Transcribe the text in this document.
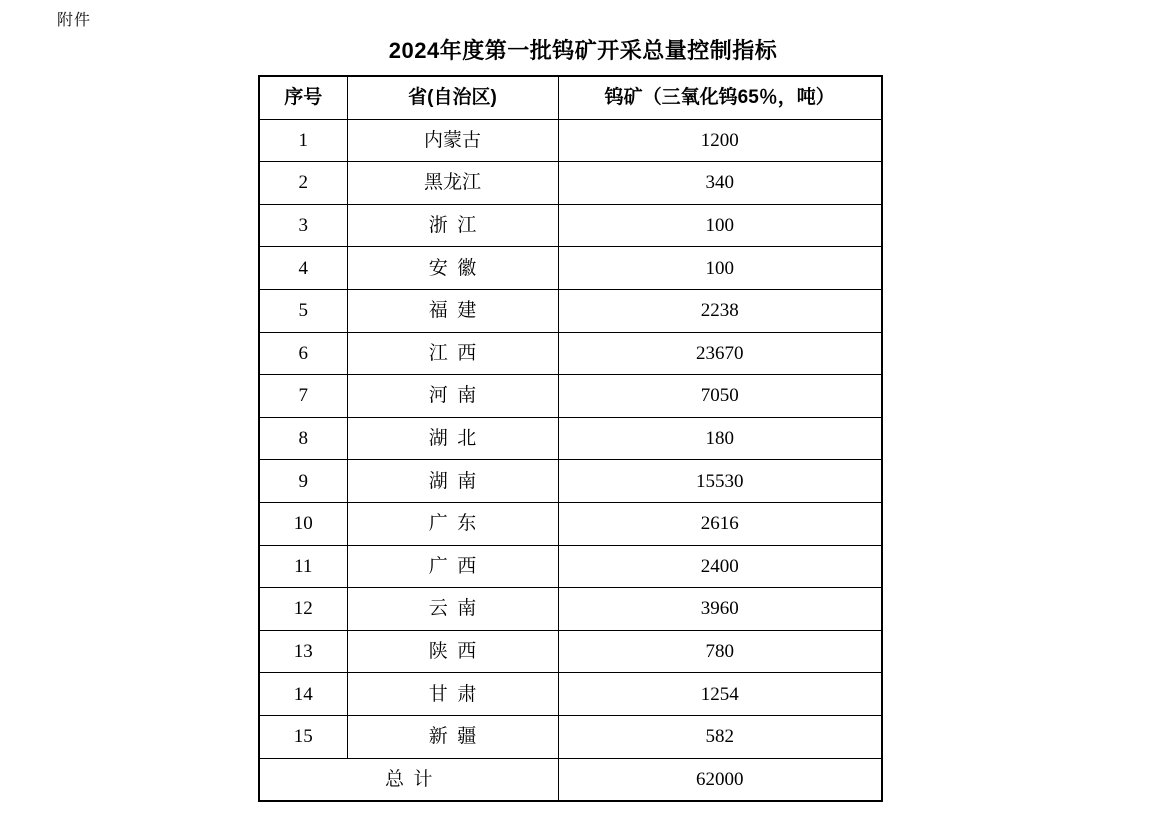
附件
2024年度第一批钨矿开采总量控制指标
序号	省(自治区)	钨矿（三氧化钨65％，吨）
1	内蒙古	1200
2	黑龙江	340
3	浙  江	100
4	安  徽	100
5	福  建	2238
6	江  西	23670
7	河  南	7050
8	湖  北	180
9	湖  南	15530
10	广  东	2616
11	广  西	2400
12	云  南	3960
13	陕  西	780
14	甘  肃	1254
15	新  疆	582
总  计		62000
